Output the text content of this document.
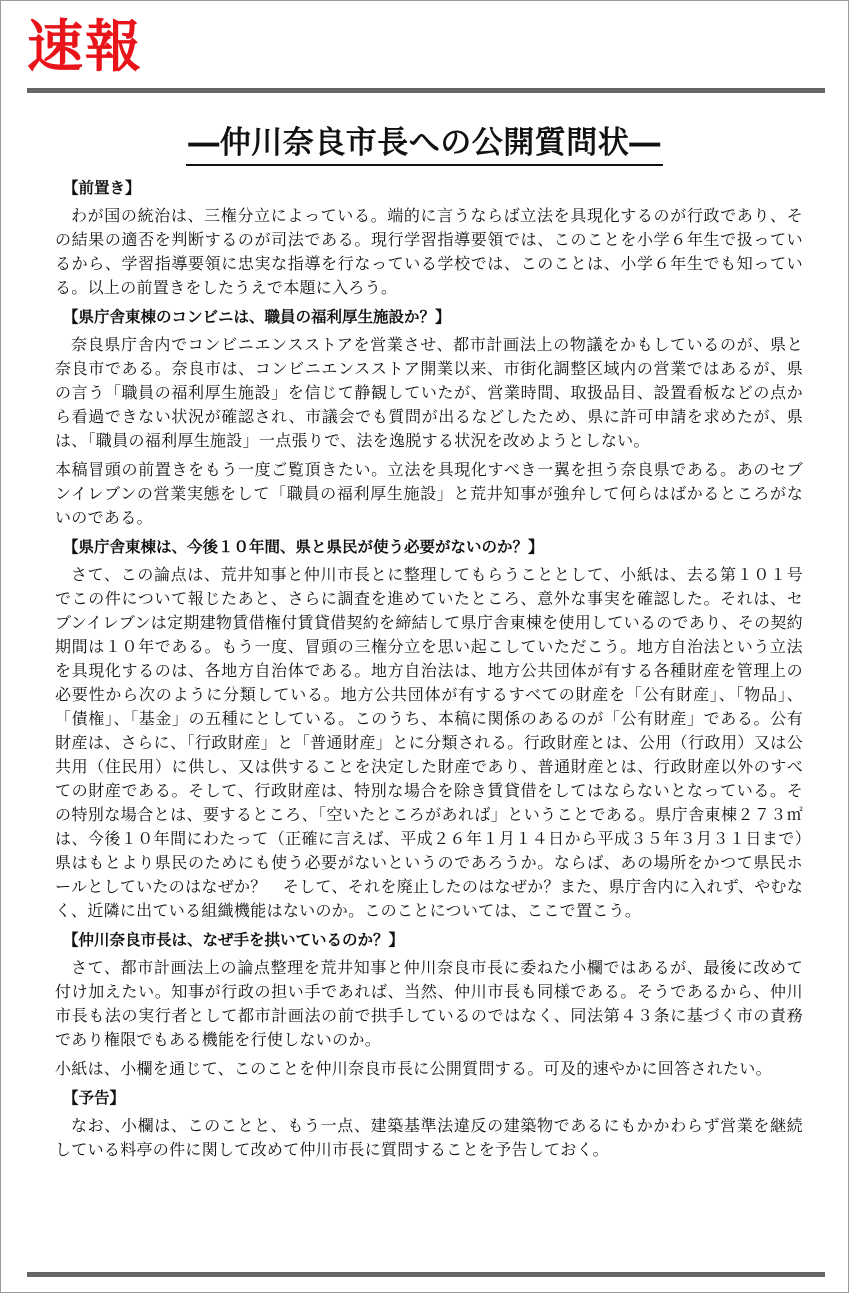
速報
―仲川奈良市長への公開質問状―
【前置き】

わが国の統治は、三権分立によっている。端的に言うならば立法を具現化するのが行政であり、その結果の適否を判断するのが司法である。現行学習指導要領では、このことを小学６年生で扱っているから、学習指導要領に忠実な指導を行なっている学校では、このことは、小学６年生でも知っている。以上の前置きをしたうえで本題に入ろう。

【県庁舎東棟のコンビニは、職員の福利厚生施設か？】

奈良県庁舎内でコンビニエンスストアを営業させ、都市計画法上の物議をかもしているのが、県と奈良市である。奈良市は、コンビニエンスストア開業以来、市街化調整区域内の営業ではあるが、県の言う「職員の福利厚生施設」を信じて静観していたが、営業時間、取扱品目、設置看板などの点から看過できない状況が確認され、市議会でも質問が出るなどしたため、県に許可申請を求めたが、県は、「職員の福利厚生施設」一点張りで、法を逸脱する状況を改めようとしない。

本稿冒頭の前置きをもう一度ご覧頂きたい。立法を具現化すべき一翼を担う奈良県である。あのセブンイレブンの営業実態をして「職員の福利厚生施設」と荒井知事が強弁して何らはばかるところがないのである。

【県庁舎東棟は、今後１０年間、県と県民が使う必要がないのか？】

さて、この論点は、荒井知事と仲川市長とに整理してもらうこととして、小紙は、去る第１０１号でこの件について報じたあと、さらに調査を進めていたところ、意外な事実を確認した。それは、セブンイレブンは定期建物賃借権付賃貸借契約を締結して県庁舎東棟を使用しているのであり、その契約期間は１０年である。もう一度、冒頭の三権分立を思い起こしていただこう。地方自治法という立法を具現化するのは、各地方自治体である。地方自治法は、地方公共団体が有する各種財産を管理上の必要性から次のように分類している。地方公共団体が有するすべての財産を「公有財産」、「物品」、「債権」、「基金」の五種にとしている。このうち、本稿に関係のあるのが「公有財産」である。公有財産は、さらに、「行政財産」と「普通財産」とに分類される。行政財産とは、公用（行政用）又は公共用（住民用）に供し、又は供することを決定した財産であり、普通財産とは、行政財産以外のすべての財産である。そして、行政財産は、特別な場合を除き賃貸借をしてはならないとなっている。その特別な場合とは、要するところ、「空いたところがあれば」ということである。県庁舎東棟２７３㎡は、今後１０年間にわたって（正確に言えば、平成２６年１月１４日から平成３５年３月３１日まで）県はもとより県民のためにも使う必要がないというのであろうか。ならば、あの場所をかつて県民ホールとしていたのはなぜか？　そして、それを廃止したのはなぜか？また、県庁舎内に入れず、やむなく、近隣に出ている組織機能はないのか。このことについては、ここで置こう。

【仲川奈良市長は、なぜ手を拱いているのか？】

さて、都市計画法上の論点整理を荒井知事と仲川奈良市長に委ねた小欄ではあるが、最後に改めて付け加えたい。知事が行政の担い手であれば、当然、仲川市長も同様である。そうであるから、仲川市長も法の実行者として都市計画法の前で拱手しているのではなく、同法第４３条に基づく市の責務であり権限でもある機能を行使しないのか。

小紙は、小欄を通じて、このことを仲川奈良市長に公開質問する。可及的速やかに回答されたい。

【予告】

なお、小欄は、このことと、もう一点、建築基準法違反の建築物であるにもかかわらず営業を継続している料亭の件に関して改めて仲川市長に質問することを予告しておく。
